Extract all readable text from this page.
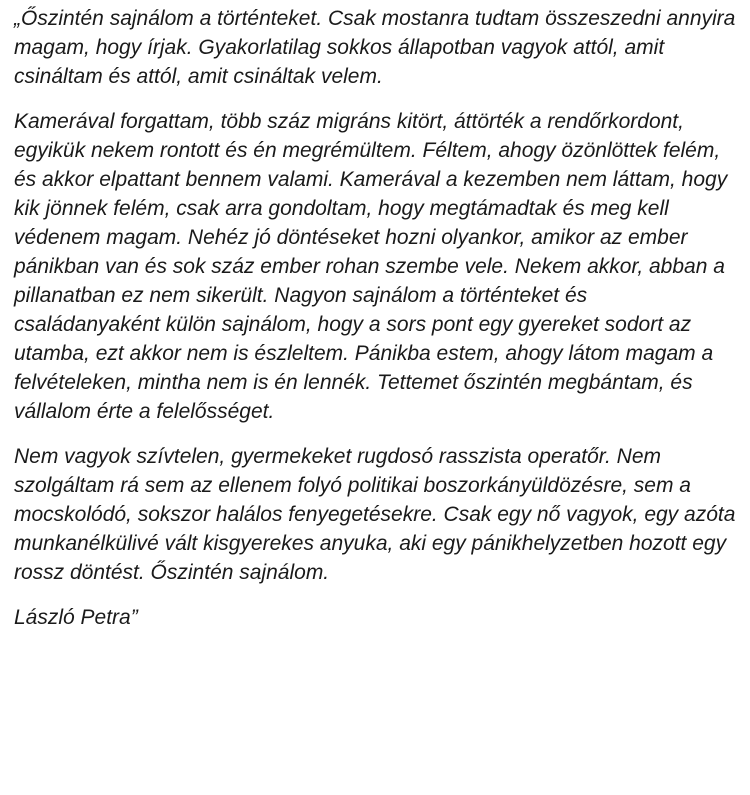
„Őszintén sajnálom a történteket. Csak mostanra tudtam összeszedni annyira magam, hogy írjak. Gyakorlatilag sokkos állapotban vagyok attól, amit csináltam és attól, amit csináltak velem.

Kamerával forgattam, több száz migráns kitört, áttörték a rendőrkordont, egyikük nekem rontott és én megrémültem. Féltem, ahogy özönlöttek felém, és akkor elpattant bennem valami. Kamerával a kezemben nem láttam, hogy kik jönnek felém, csak arra gondoltam, hogy megtámadtak és meg kell védenem magam. Nehéz jó döntéseket hozni olyankor, amikor az ember pánikban van és sok száz ember rohan szembe vele. Nekem akkor, abban a pillanatban ez nem sikerült. Nagyon sajnálom a történteket és családanyaként külön sajnálom, hogy a sors pont egy gyereket sodort az utamba, ezt akkor nem is észleltem. Pánikba estem, ahogy látom magam a felvételeken, mintha nem is én lennék. Tettemet őszintén megbántam, és vállalom érte a felelősséget.

Nem vagyok szívtelen, gyermekeket rugdosó rasszista operatőr. Nem szolgáltam rá sem az ellenem folyó politikai boszorkányüldözésre, sem a mocskolódó, sokszor halálos fenyegetésekre. Csak egy nő vagyok, egy azóta munkanélkülivé vált kisgyerekes anyuka, aki egy pánikhelyzetben hozott egy rossz döntést. Őszintén sajnálom.

László Petra”
